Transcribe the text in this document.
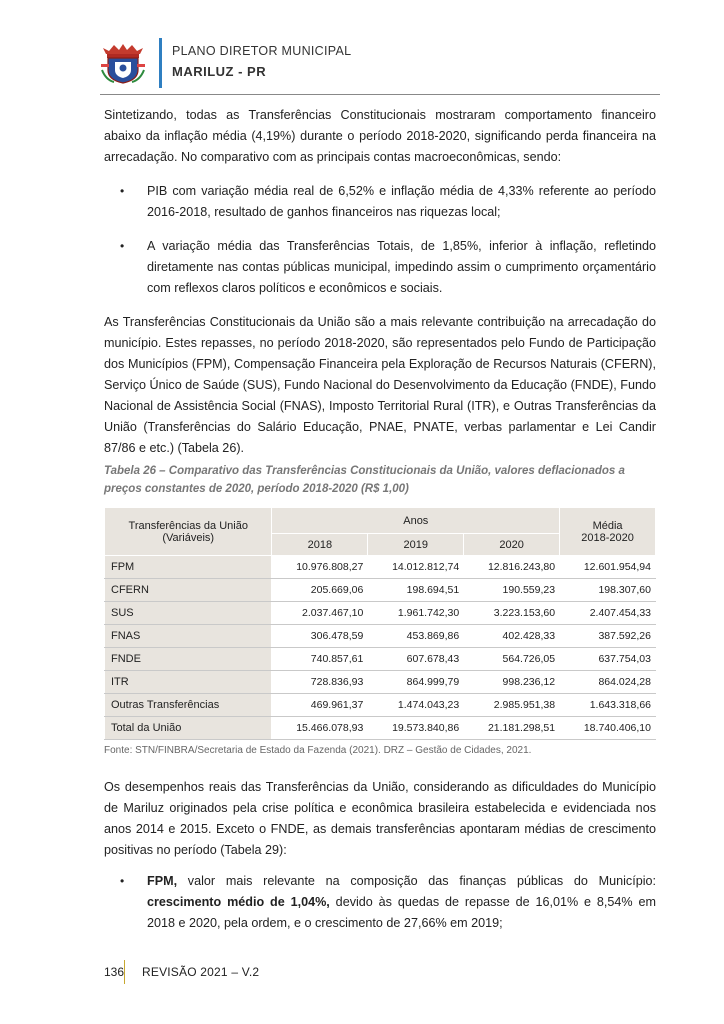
PLANO DIRETOR MUNICIPAL
MARILUZ - PR
Sintetizando, todas as Transferências Constitucionais mostraram comportamento financeiro abaixo da inflação média (4,19%) durante o período 2018-2020, significando perda financeira na arrecadação. No comparativo com as principais contas macroeconômicas, sendo:
• PIB com variação média real de 6,52% e inflação média de 4,33% referente ao período 2016-2018, resultado de ganhos financeiros nas riquezas local;
• A variação média das Transferências Totais, de 1,85%, inferior à inflação, refletindo diretamente nas contas públicas municipal, impedindo assim o cumprimento orçamentário com reflexos claros políticos e econômicos e sociais.
As Transferências Constitucionais da União são a mais relevante contribuição na arrecadação do município. Estes repasses, no período 2018-2020, são representados pelo Fundo de Participação dos Municípios (FPM), Compensação Financeira pela Exploração de Recursos Naturais (CFERN), Serviço Único de Saúde (SUS), Fundo Nacional do Desenvolvimento da Educação (FNDE), Fundo Nacional de Assistência Social (FNAS), Imposto Territorial Rural (ITR), e Outras Transferências da União (Transferências do Salário Educação, PNAE, PNATE, verbas parlamentar e Lei Candir 87/86 e etc.) (Tabela 26).
Tabela 26 – Comparativo das Transferências Constitucionais da União, valores deflacionados a preços constantes de 2020, período 2018-2020 (R$ 1,00)
Transferências da União
(Variáveis)	Anos			Média
2018-2020
	2018	2019	2020	
FPM	10.976.808,27	14.012.812,74	12.816.243,80	12.601.954,94
CFERN	205.669,06	198.694,51	190.559,23	198.307,60
SUS	2.037.467,10	1.961.742,30	3.223.153,60	2.407.454,33
FNAS	306.478,59	453.869,86	402.428,33	387.592,26
FNDE	740.857,61	607.678,43	564.726,05	637.754,03
ITR	728.836,93	864.999,79	998.236,12	864.024,28
Outras Transferências	469.961,37	1.474.043,23	2.985.951,38	1.643.318,66
Total da União	15.466.078,93	19.573.840,86	21.181.298,51	18.740.406,10
Fonte: STN/FINBRA/Secretaria de Estado da Fazenda (2021). DRZ – Gestão de Cidades, 2021.
Os desempenhos reais das Transferências da União, considerando as dificuldades do Município de Mariluz originados pela crise política e econômica brasileira estabelecida e evidenciada nos anos 2014 e 2015. Exceto o FNDE, as demais transferências apontaram médias de crescimento positivas no período (Tabela 29):
• FPM, valor mais relevante na composição das finanças públicas do Município: crescimento médio de 1,04%, devido às quedas de repasse de 16,01% e 8,54% em 2018 e 2020, pela ordem, e o crescimento de 27,66% em 2019;
136 REVISÃO 2021 – V.2
